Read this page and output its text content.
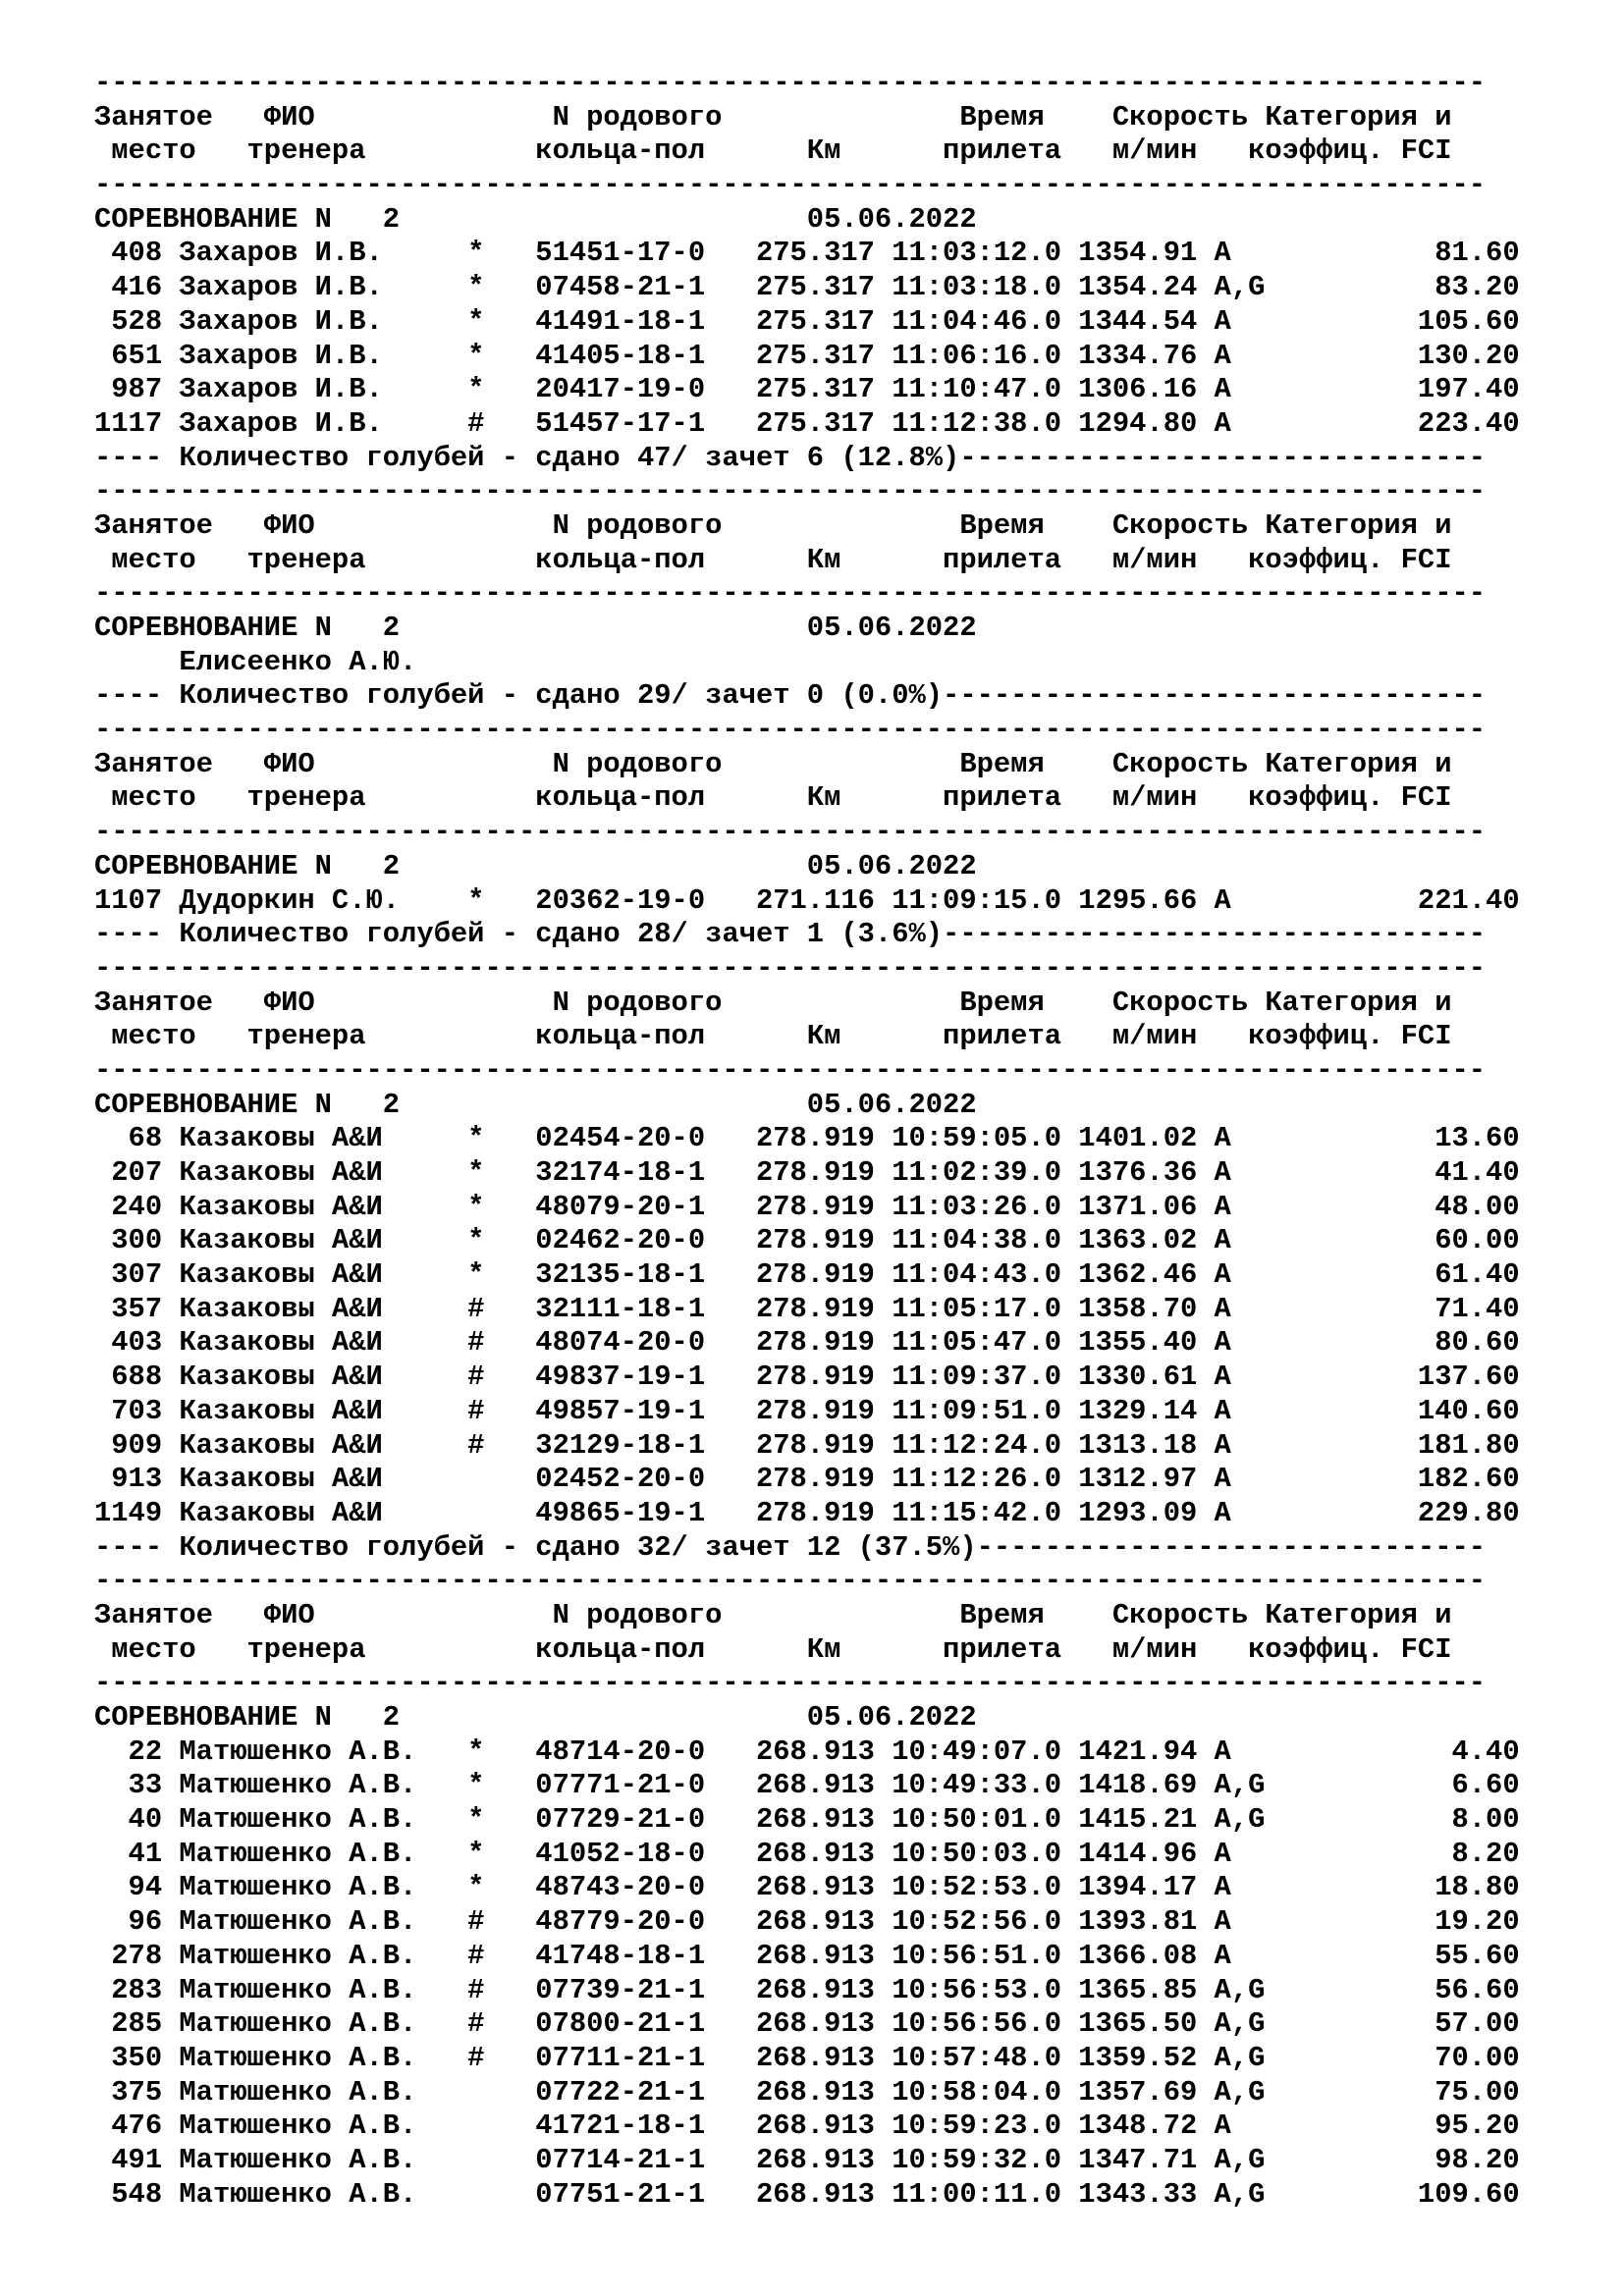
----------------------------------------------------------------------------------
Занятое   ФИО              N родового              Время    Скорость Категория и
место   тренера          кольца-пол      Км      прилета   м/мин   коэффиц. FCI
----------------------------------------------------------------------------------
СОРЕВНОВАНИЕ N   2                        05.06.2022
408 Захаров И.В.     *   51451-17-0   275.317 11:03:12.0 1354.91 A            81.60
416 Захаров И.В.     *   07458-21-1   275.317 11:03:18.0 1354.24 A,G          83.20
528 Захаров И.В.     *   41491-18-1   275.317 11:04:46.0 1344.54 A           105.60
651 Захаров И.В.     *   41405-18-1   275.317 11:06:16.0 1334.76 A           130.20
987 Захаров И.В.     *   20417-19-0   275.317 11:10:47.0 1306.16 A           197.40
1117 Захаров И.В.     #   51457-17-1   275.317 11:12:38.0 1294.80 A           223.40
---- Количество голубей - сдано 47/ зачет 6 (12.8%)-------------------------------
----------------------------------------------------------------------------------
Занятое   ФИО              N родового              Время    Скорость Категория и
место   тренера          кольца-пол      Км      прилета   м/мин   коэффиц. FCI
----------------------------------------------------------------------------------
СОРЕВНОВАНИЕ N   2                        05.06.2022
Елисеенко А.Ю.
---- Количество голубей - сдано 29/ зачет 0 (0.0%)--------------------------------
----------------------------------------------------------------------------------
Занятое   ФИО              N родового              Время    Скорость Категория и
место   тренера          кольца-пол      Км      прилета   м/мин   коэффиц. FCI
----------------------------------------------------------------------------------
СОРЕВНОВАНИЕ N   2                        05.06.2022
1107 Дудоркин С.Ю.    *   20362-19-0   271.116 11:09:15.0 1295.66 A           221.40
---- Количество голубей - сдано 28/ зачет 1 (3.6%)--------------------------------
----------------------------------------------------------------------------------
Занятое   ФИО              N родового              Время    Скорость Категория и
место   тренера          кольца-пол      Км      прилета   м/мин   коэффиц. FCI
----------------------------------------------------------------------------------
СОРЕВНОВАНИЕ N   2                        05.06.2022
68 Казаковы А&И     *   02454-20-0   278.919 10:59:05.0 1401.02 A            13.60
207 Казаковы А&И     *   32174-18-1   278.919 11:02:39.0 1376.36 A            41.40
240 Казаковы А&И     *   48079-20-1   278.919 11:03:26.0 1371.06 A            48.00
300 Казаковы А&И     *   02462-20-0   278.919 11:04:38.0 1363.02 A            60.00
307 Казаковы А&И     *   32135-18-1   278.919 11:04:43.0 1362.46 A            61.40
357 Казаковы А&И     #   32111-18-1   278.919 11:05:17.0 1358.70 A            71.40
403 Казаковы А&И     #   48074-20-0   278.919 11:05:47.0 1355.40 A            80.60
688 Казаковы А&И     #   49837-19-1   278.919 11:09:37.0 1330.61 A           137.60
703 Казаковы А&И     #   49857-19-1   278.919 11:09:51.0 1329.14 A           140.60
909 Казаковы А&И     #   32129-18-1   278.919 11:12:24.0 1313.18 A           181.80
913 Казаковы А&И         02452-20-0   278.919 11:12:26.0 1312.97 A           182.60
1149 Казаковы А&И         49865-19-1   278.919 11:15:42.0 1293.09 A           229.80
---- Количество голубей - сдано 32/ зачет 12 (37.5%)------------------------------
----------------------------------------------------------------------------------
Занятое   ФИО              N родового              Время    Скорость Категория и
место   тренера          кольца-пол      Км      прилета   м/мин   коэффиц. FCI
----------------------------------------------------------------------------------
СОРЕВНОВАНИЕ N   2                        05.06.2022
22 Матюшенко А.В.   *   48714-20-0   268.913 10:49:07.0 1421.94 A             4.40
33 Матюшенко А.В.   *   07771-21-0   268.913 10:49:33.0 1418.69 A,G           6.60
40 Матюшенко А.В.   *   07729-21-0   268.913 10:50:01.0 1415.21 A,G           8.00
41 Матюшенко А.В.   *   41052-18-0   268.913 10:50:03.0 1414.96 A             8.20
94 Матюшенко А.В.   *   48743-20-0   268.913 10:52:53.0 1394.17 A            18.80
96 Матюшенко А.В.   #   48779-20-0   268.913 10:52:56.0 1393.81 A            19.20
278 Матюшенко А.В.   #   41748-18-1   268.913 10:56:51.0 1366.08 A            55.60
283 Матюшенко А.В.   #   07739-21-1   268.913 10:56:53.0 1365.85 A,G          56.60
285 Матюшенко А.В.   #   07800-21-1   268.913 10:56:56.0 1365.50 A,G          57.00
350 Матюшенко А.В.   #   07711-21-1   268.913 10:57:48.0 1359.52 A,G          70.00
375 Матюшенко А.В.       07722-21-1   268.913 10:58:04.0 1357.69 A,G          75.00
476 Матюшенко А.В.       41721-18-1   268.913 10:59:23.0 1348.72 A            95.20
491 Матюшенко А.В.       07714-21-1   268.913 10:59:32.0 1347.71 A,G          98.20
548 Матюшенко А.В.       07751-21-1   268.913 11:00:11.0 1343.33 A,G         109.60
